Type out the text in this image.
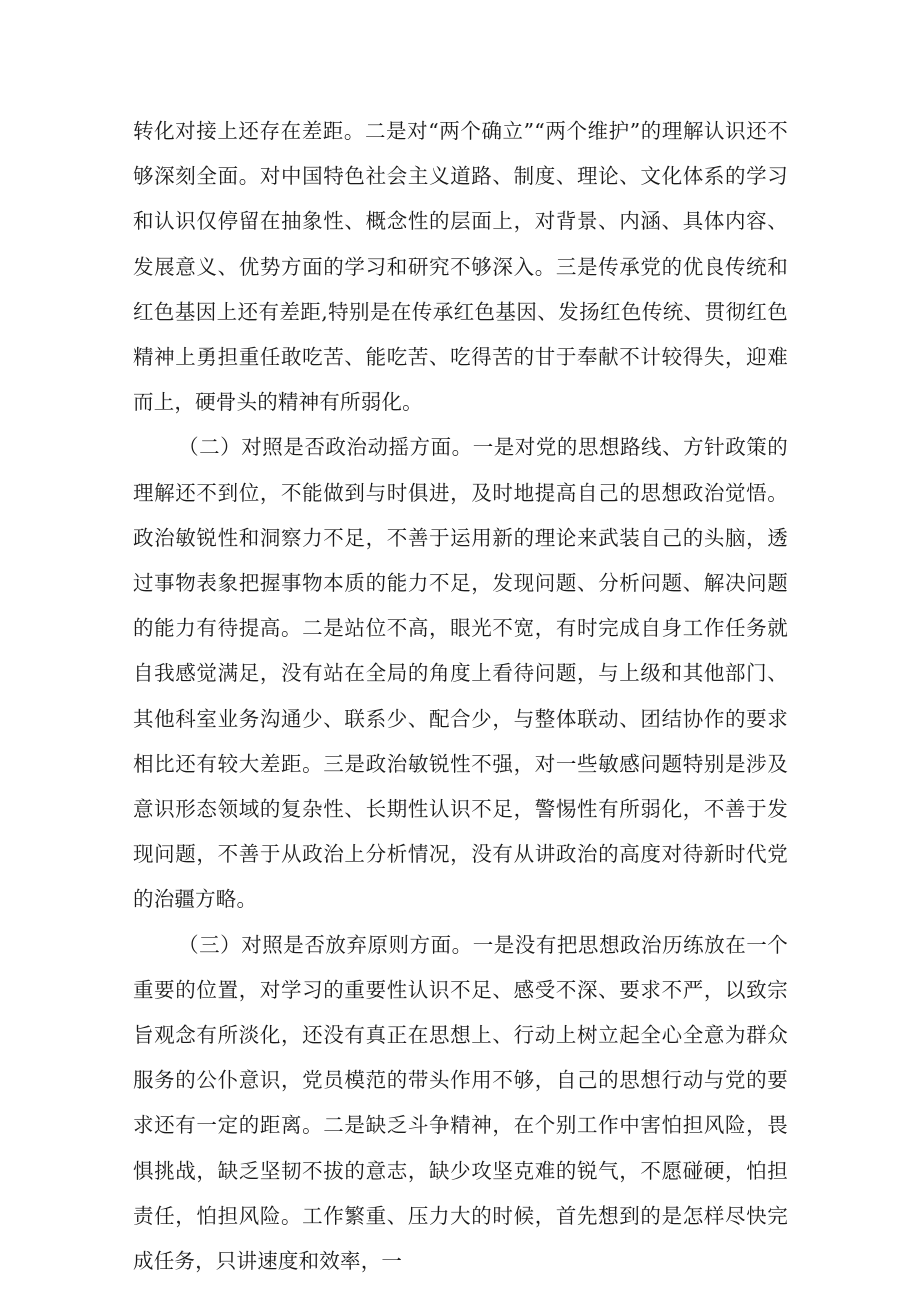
转化对接上还存在差距。二是对“两个确立”“两个维护”的理解认识还不够深刻全面。对中国特色社会主义道路、制度、理论、文化体系的学习和认识仅停留在抽象性、概念性的层面上，对背景、内涵、具体内容、发展意义、优势方面的学习和研究不够深入。三是传承党的优良传统和红色基因上还有差距,特别是在传承红色基因、发扬红色传统、贯彻红色精神上勇担重任敢吃苦、能吃苦、吃得苦的甘于奉献不计较得失，迎难而上，硬骨头的精神有所弱化。

（二）对照是否政治动摇方面。一是对党的思想路线、方针政策的理解还不到位，不能做到与时俱进，及时地提高自己的思想政治觉悟。政治敏锐性和洞察力不足，不善于运用新的理论来武装自己的头脑，透过事物表象把握事物本质的能力不足，发现问题、分析问题、解决问题的能力有待提高。二是站位不高，眼光不宽，有时完成自身工作任务就自我感觉满足，没有站在全局的角度上看待问题，与上级和其他部门、其他科室业务沟通少、联系少、配合少，与整体联动、团结协作的要求相比还有较大差距。三是政治敏锐性不强，对一些敏感问题特别是涉及意识形态领域的复杂性、长期性认识不足，警惕性有所弱化，不善于发现问题，不善于从政治上分析情况，没有从讲政治的高度对待新时代党的治疆方略。

（三）对照是否放弃原则方面。一是没有把思想政治历练放在一个重要的位置，对学习的重要性认识不足、感受不深、要求不严，以致宗旨观念有所淡化，还没有真正在思想上、行动上树立起全心全意为群众服务的公仆意识，党员模范的带头作用不够，自己的思想行动与党的要求还有一定的距离。二是缺乏斗争精神，在个别工作中害怕担风险，畏惧挑战，缺乏坚韧不拔的意志，缺少攻坚克难的锐气，不愿碰硬，怕担责任，怕担风险。工作繁重、压力大的时候，首先想到的是怎样尽快完成任务，只讲速度和效率，一
